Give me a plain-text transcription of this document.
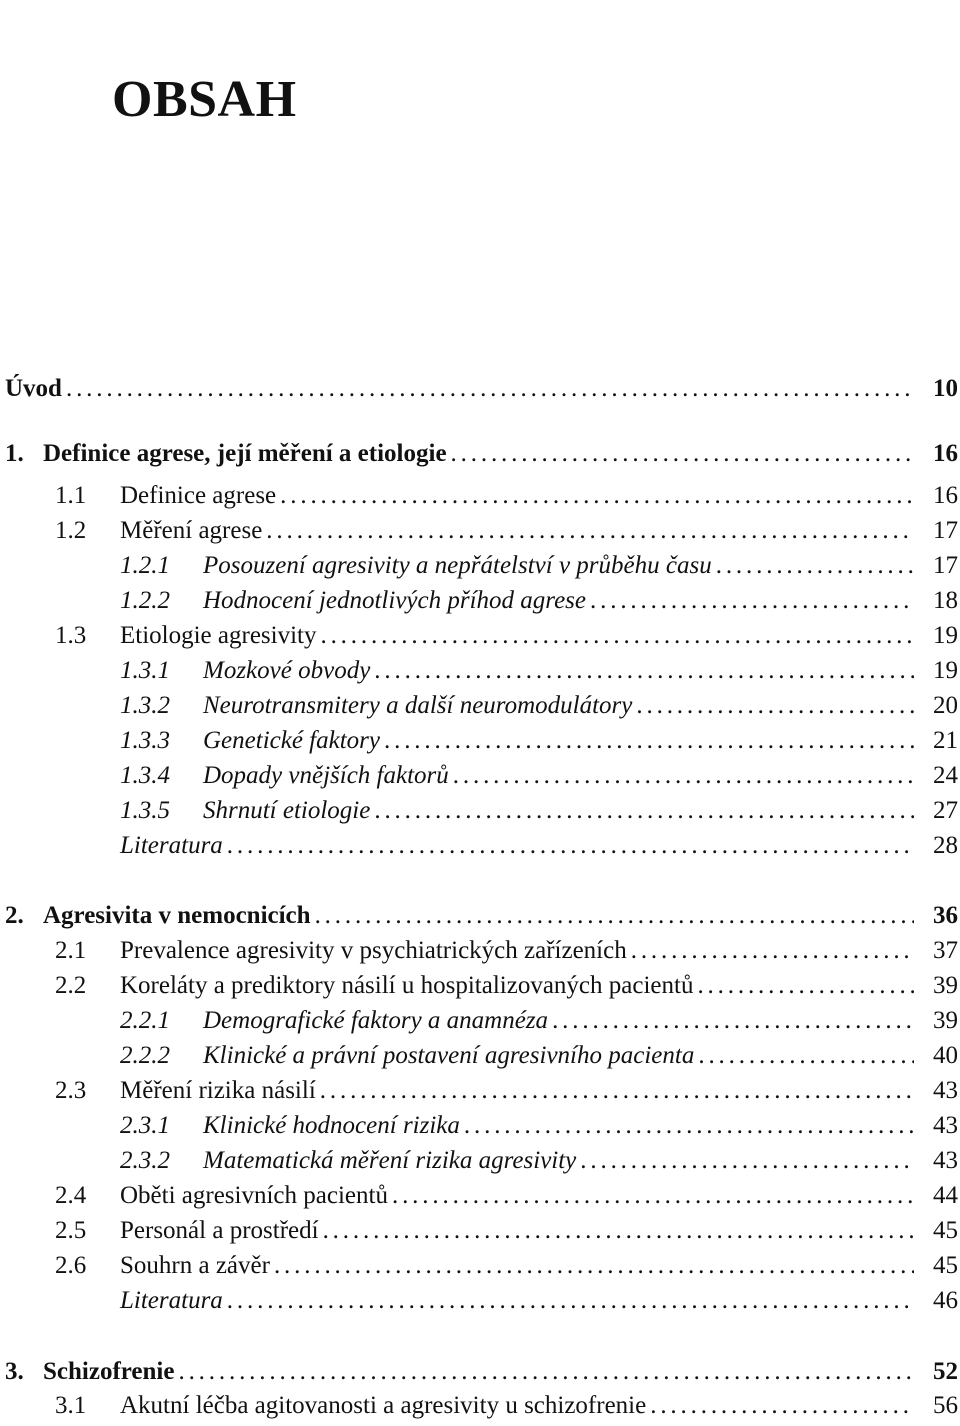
OBSAH
Úvod . . .	10
1. Definice agrese, její měření a etiologie . . .	16
1.1 Definice agrese . . .	16
1.2 Měření agrese . . .	17
1.2.1 Posouzení agresivity a nepřátelství v průběhu času . . .	17
1.2.2 Hodnocení jednotlivých příhod agrese . . .	18
1.3 Etiologie agresivity . . .	19
1.3.1 Mozkové obvody . . .	19
1.3.2 Neurotransmitery a další neuromodulátory . . .	20
1.3.3 Genetické faktory . . .	21
1.3.4 Dopady vnějších faktorů . . .	24
1.3.5 Shrnutí etiologie . . .	27
Literatura . . .	28
2. Agresivita v nemocnicích . . .	36
2.1 Prevalence agresivity v psychiatrických zařízeních . . .	37
2.2 Koreláty a prediktory násilí u hospitalizovaných pacientů . . .	39
2.2.1 Demografické faktory a anamnéza . . .	39
2.2.2 Klinické a právní postavení agresivního pacienta . . .	40
2.3 Měření rizika násilí . . .	43
2.3.1 Klinické hodnocení rizika . . .	43
2.3.2 Matematická měření rizika agresivity . . .	43
2.4 Oběti agresivních pacientů . . .	44
2.5 Personál a prostředí . . .	45
2.6 Souhrn a závěr . . .	45
Literatura . . .	46
3. Schizofrenie . . .	52
3.1 Akutní léčba agitovanosti a agresivity u schizofrenie . . .	56
